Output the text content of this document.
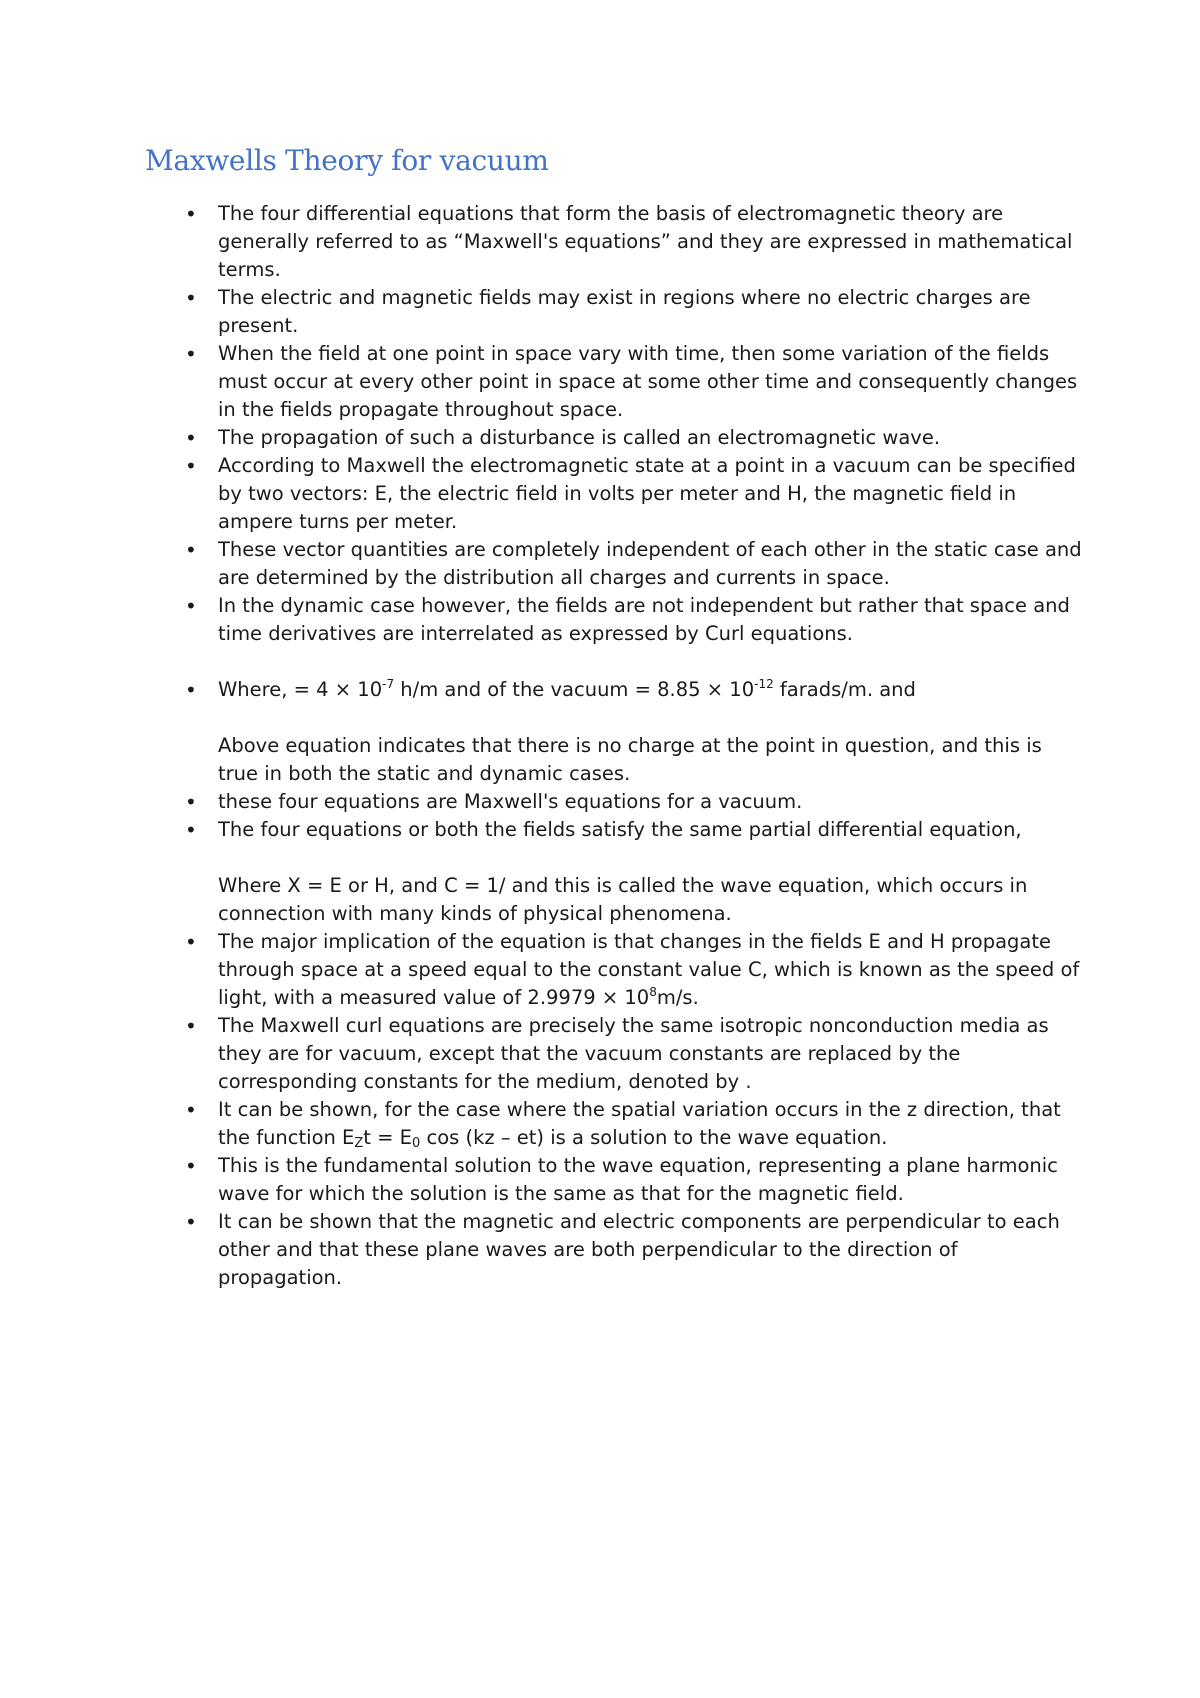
Maxwells Theory for vacuum
• The four differential equations that form the basis of electromagnetic theory are generally referred to as “Maxwell's equations” and they are expressed in mathematical terms.
• The electric and magnetic fields may exist in regions where no electric charges are present.
• When the field at one point in space vary with time, then some variation of the fields must occur at every other point in space at some other time and consequently changes in the fields propagate throughout space.
• The propagation of such a disturbance is called an electromagnetic wave.
• According to Maxwell the electromagnetic state at a point in a vacuum can be specified by two vectors: E, the electric field in volts per meter and H, the magnetic field in ampere turns per meter.
• These vector quantities are completely independent of each other in the static case and are determined by the distribution all charges and currents in space.
• In the dynamic case however, the fields are not independent but rather that space and time derivatives are interrelated as expressed by Curl equations.
• Where, = $4 \times 10^{-7}$ h/m and of the vacuum = $8.85 \times 10^{-12}$ farads/m. and
Above equation indicates that there is no charge at the point in question, and this is true in both the static and dynamic cases.
• these four equations are Maxwell's equations for a vacuum.
• The four equations or both the fields satisfy the same partial differential equation,
Where X = E or H, and C = 1/ and this is called the wave equation, which occurs in connection with many kinds of physical phenomena.
• The major implication of the equation is that changes in the fields E and H propagate through space at a speed equal to the constant value C, which is known as the speed of light, with a measured value of $2.9979 \times 10^8m/s$.
• The Maxwell curl equations are precisely the same isotropic nonconduction media as they are for vacuum, except that the vacuum constants are replaced by the corresponding constants for the medium, denoted by .
• It can be shown, for the case where the spatial variation occurs in the z direction, that the function $E_Zt = E_0$ cos (kz – et) is a solution to the wave equation.
• This is the fundamental solution to the wave equation, representing a plane harmonic wave for which the solution is the same as that for the magnetic field.
• It can be shown that the magnetic and electric components are perpendicular to each other and that these plane waves are both perpendicular to the direction of propagation.
